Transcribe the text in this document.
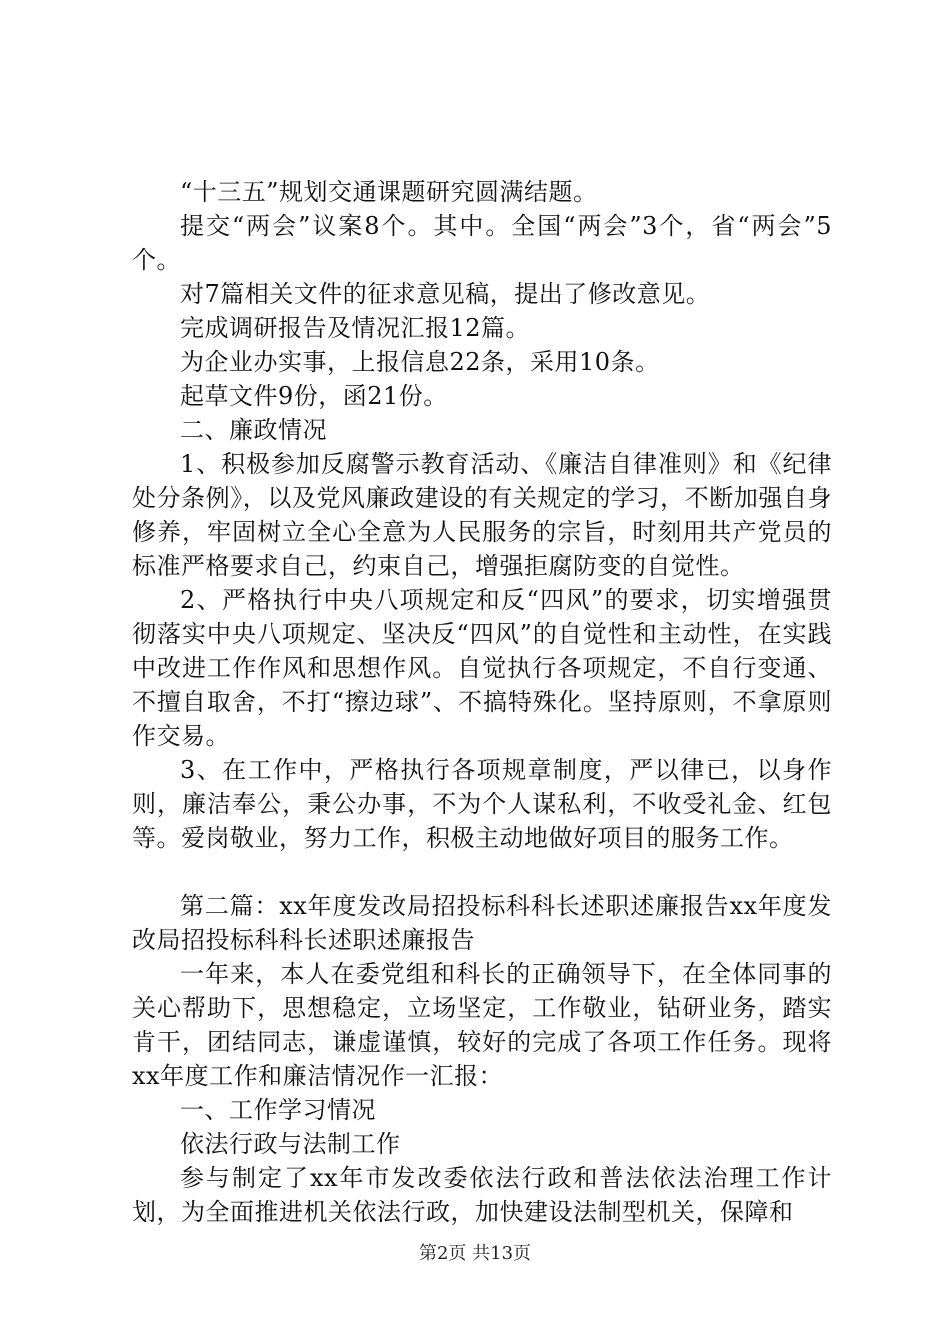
“十三五”规划交通课题研究圆满结题。

提交“两会”议案8个。其中。全国“两会”3个，省“两会”5个。

对7篇相关文件的征求意见稿，提出了修改意见。

完成调研报告及情况汇报12篇。

为企业办实事，上报信息22条，采用10条。

起草文件9份，函21份。

二、廉政情况

1、积极参加反腐警示教育活动、《廉洁自律准则》和《纪律处分条例》，以及党风廉政建设的有关规定的学习，不断加强自身修养，牢固树立全心全意为人民服务的宗旨，时刻用共产党员的标准严格要求自己，约束自己，增强拒腐防变的自觉性。

2、严格执行中央八项规定和反“四风”的要求，切实增强贯彻落实中央八项规定、坚决反“四风”的自觉性和主动性，在实践中改进工作作风和思想作风。自觉执行各项规定，不自行变通、不擅自取舍，不打“擦边球”、不搞特殊化。坚持原则，不拿原则作交易。

3、在工作中，严格执行各项规章制度，严以律已，以身作则，廉洁奉公，秉公办事，不为个人谋私利，不收受礼金、红包等。爱岗敬业，努力工作，积极主动地做好项目的服务工作。

第二篇：xx年度发改局招投标科科长述职述廉报告xx年度发改局招投标科科长述职述廉报告

一年来，本人在委党组和科长的正确领导下，在全体同事的关心帮助下，思想稳定，立场坚定，工作敬业，钻研业务，踏实肯干，团结同志，谦虚谨慎，较好的完成了各项工作任务。现将xx年度工作和廉洁情况作一汇报：

一、工作学习情况

依法行政与法制工作

参与制定了xx年市发改委依法行政和普法依法治理工作计划，为全面推进机关依法行政，加快建设法制型机关，保障和

第2页 共13页
